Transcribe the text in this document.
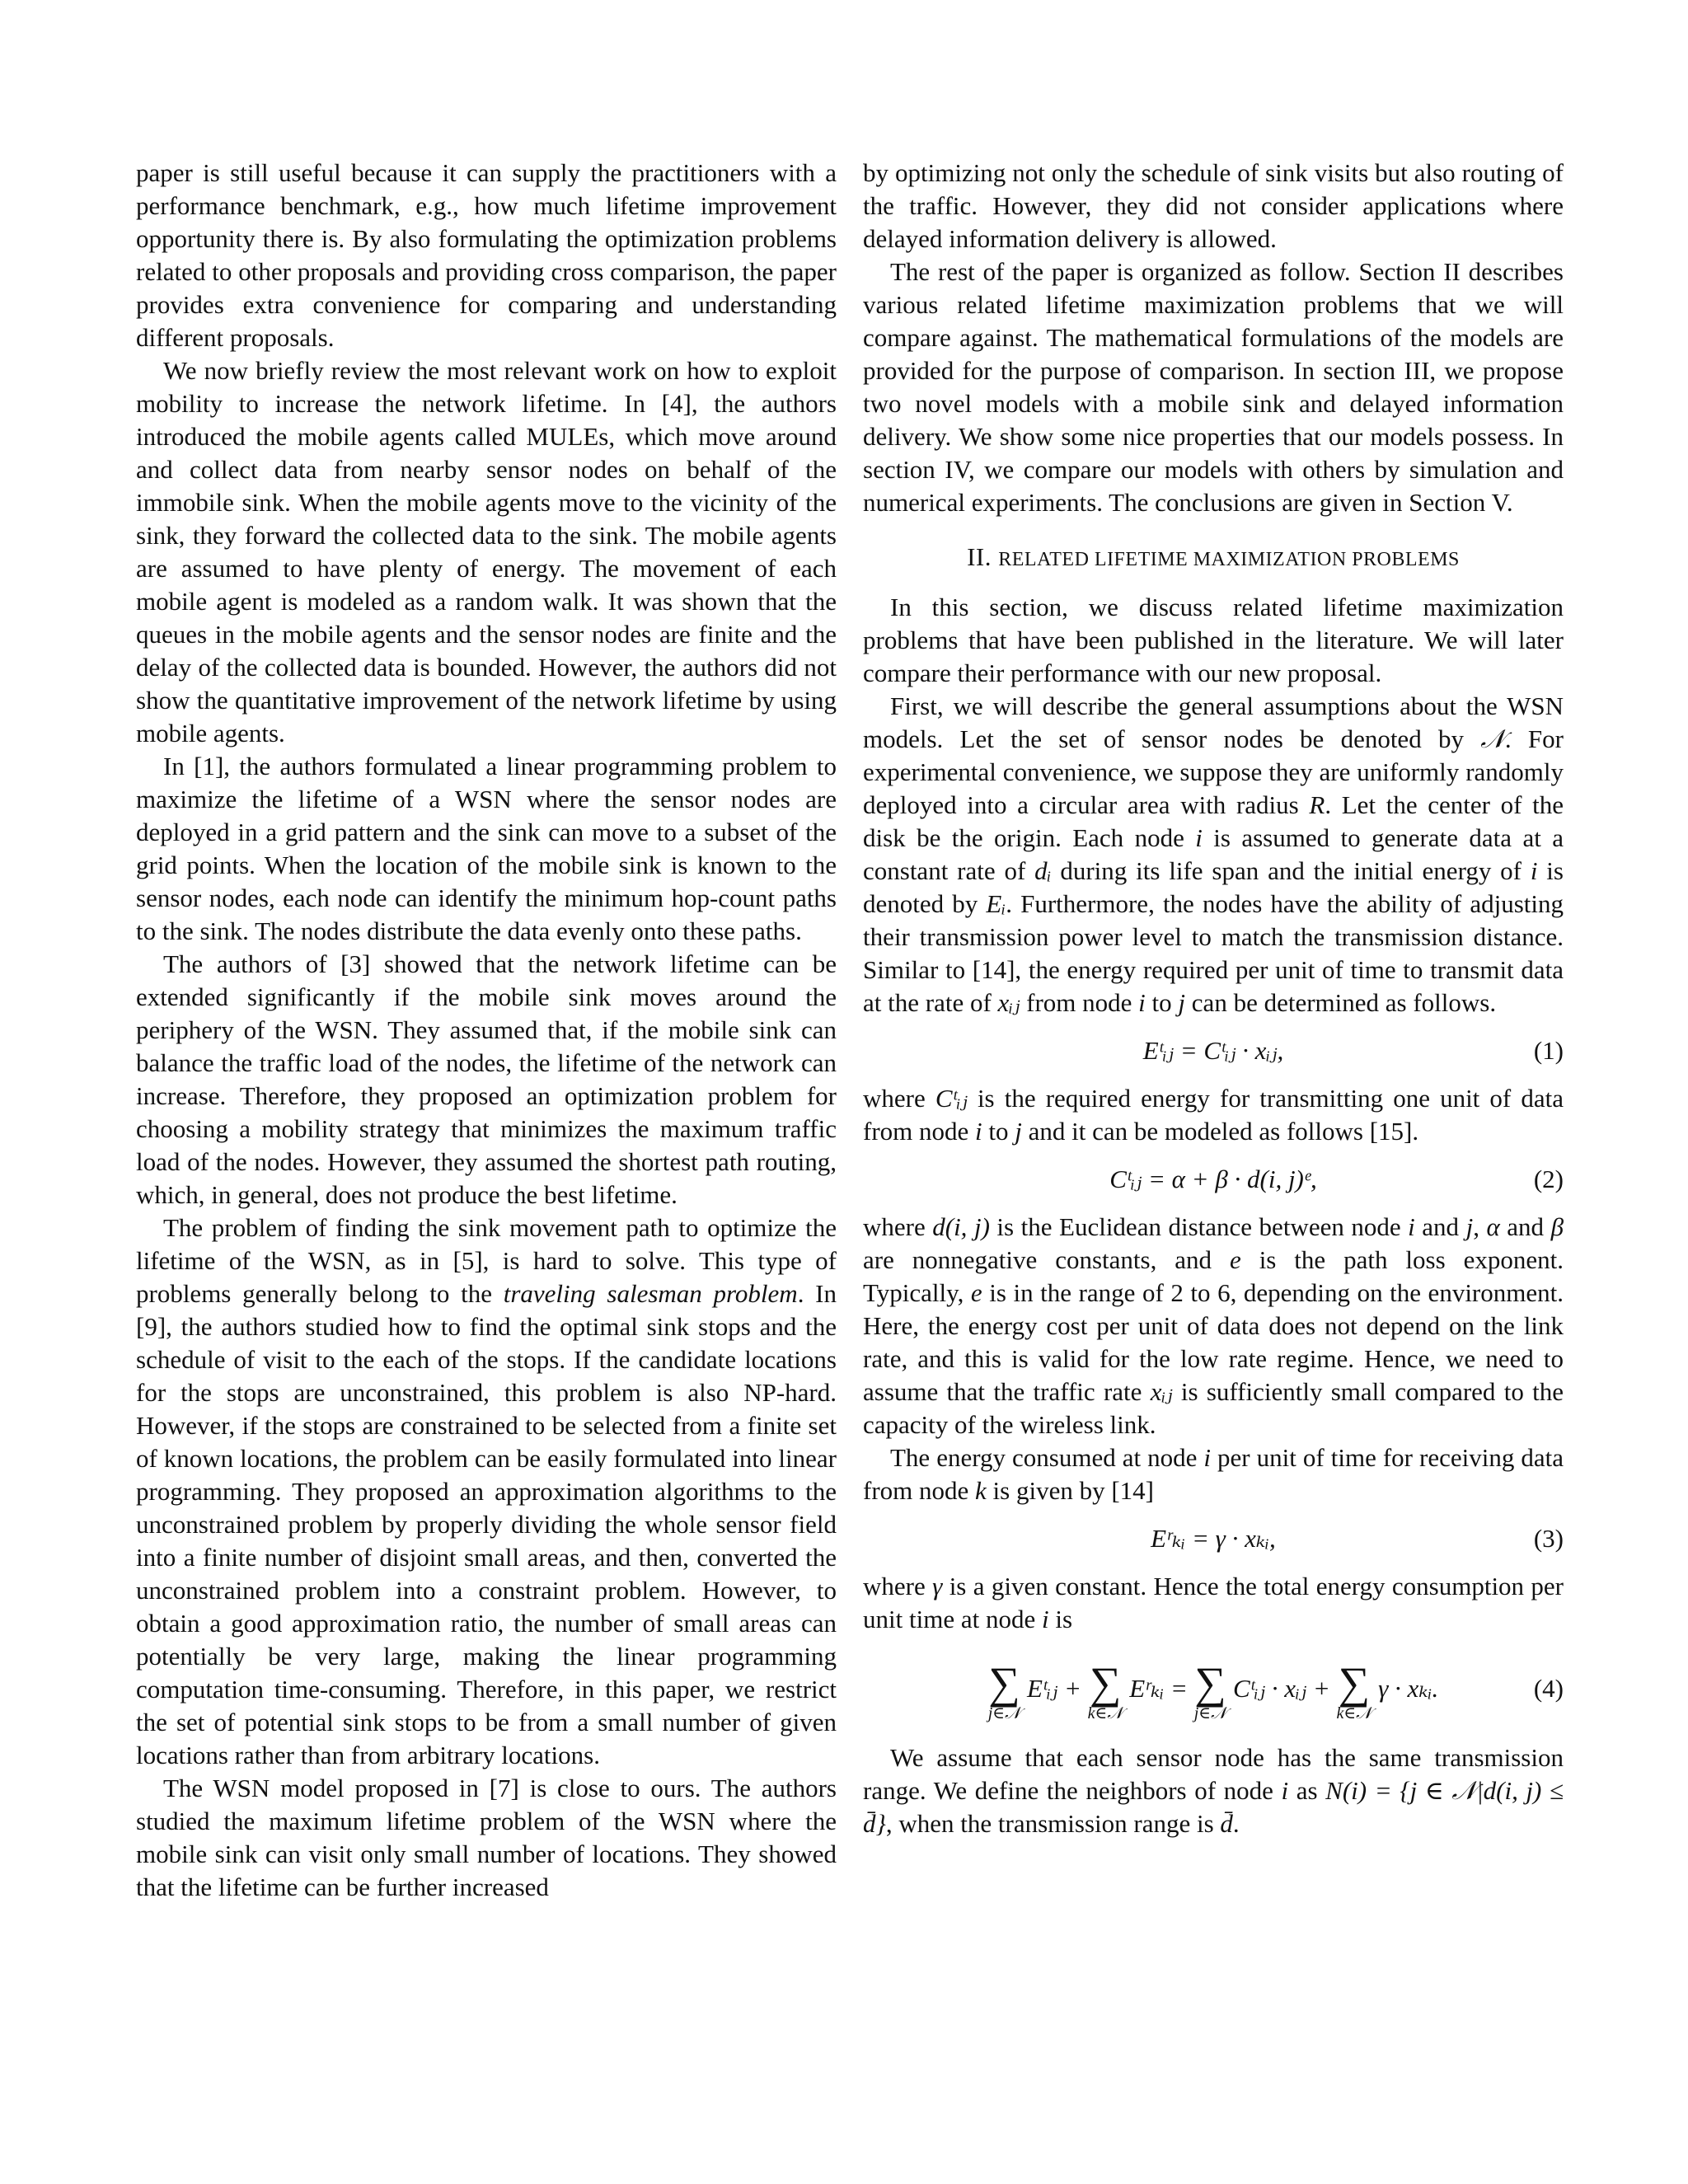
paper is still useful because it can supply the practitioners with a performance benchmark, e.g., how much lifetime improvement opportunity there is. By also formulating the optimization problems related to other proposals and providing cross comparison, the paper provides extra convenience for comparing and understanding different proposals.

We now briefly review the most relevant work on how to exploit mobility to increase the network lifetime. In [4], the authors introduced the mobile agents called MULEs, which move around and collect data from nearby sensor nodes on behalf of the immobile sink. When the mobile agents move to the vicinity of the sink, they forward the collected data to the sink. The mobile agents are assumed to have plenty of energy. The movement of each mobile agent is modeled as a random walk. It was shown that the queues in the mobile agents and the sensor nodes are finite and the delay of the collected data is bounded. However, the authors did not show the quantitative improvement of the network lifetime by using mobile agents.

In [1], the authors formulated a linear programming problem to maximize the lifetime of a WSN where the sensor nodes are deployed in a grid pattern and the sink can move to a subset of the grid points. When the location of the mobile sink is known to the sensor nodes, each node can identify the minimum hop-count paths to the sink. The nodes distribute the data evenly onto these paths.

The authors of [3] showed that the network lifetime can be extended significantly if the mobile sink moves around the periphery of the WSN. They assumed that, if the mobile sink can balance the traffic load of the nodes, the lifetime of the network can increase. Therefore, they proposed an optimization problem for choosing a mobility strategy that minimizes the maximum traffic load of the nodes. However, they assumed the shortest path routing, which, in general, does not produce the best lifetime.

The problem of finding the sink movement path to optimize the lifetime of the WSN, as in [5], is hard to solve. This type of problems generally belong to the traveling salesman problem. In [9], the authors studied how to find the optimal sink stops and the schedule of visit to the each of the stops. If the candidate locations for the stops are unconstrained, this problem is also NP-hard. However, if the stops are constrained to be selected from a finite set of known locations, the problem can be easily formulated into linear programming. They proposed an approximation algorithms to the unconstrained problem by properly dividing the whole sensor field into a finite number of disjoint small areas, and then, converted the unconstrained problem into a constraint problem. However, to obtain a good approximation ratio, the number of small areas can potentially be very large, making the linear programming computation time-consuming. Therefore, in this paper, we restrict the set of potential sink stops to be from a small number of given locations rather than from arbitrary locations.

The WSN model proposed in [7] is close to ours. The authors studied the maximum lifetime problem of the WSN where the mobile sink can visit only small number of locations. They showed that the lifetime can be further increased

by optimizing not only the schedule of sink visits but also routing of the traffic. However, they did not consider applications where delayed information delivery is allowed.

The rest of the paper is organized as follow. Section II describes various related lifetime maximization problems that we will compare against. The mathematical formulations of the models are provided for the purpose of comparison. In section III, we propose two novel models with a mobile sink and delayed information delivery. We show some nice properties that our models possess. In section IV, we compare our models with others by simulation and numerical experiments. The conclusions are given in Section V.

II. RELATED LIFETIME MAXIMIZATION PROBLEMS

In this section, we discuss related lifetime maximization problems that have been published in the literature. We will later compare their performance with our new proposal.

First, we will describe the general assumptions about the WSN models. Let the set of sensor nodes be denoted by 𝒩. For experimental convenience, we suppose they are uniformly randomly deployed into a circular area with radius R. Let the center of the disk be the origin. Each node i is assumed to generate data at a constant rate of dᵢ during its life span and the initial energy of i is denoted by Eᵢ. Furthermore, the nodes have the ability of adjusting their transmission power level to match the transmission distance. Similar to [14], the energy required per unit of time to transmit data at the rate of xᵢⱼ from node i to j can be determined as follows.

Eᵗᵢⱼ = Cᵗᵢⱼ · xᵢⱼ,	(1)

where Cᵗᵢⱼ is the required energy for transmitting one unit of data from node i to j and it can be modeled as follows [15].

Cᵗᵢⱼ = α + β · d(i, j)ᵉ,	(2)

where d(i, j) is the Euclidean distance between node i and j, α and β are nonnegative constants, and e is the path loss exponent. Typically, e is in the range of 2 to 6, depending on the environment. Here, the energy cost per unit of data does not depend on the link rate, and this is valid for the low rate regime. Hence, we need to assume that the traffic rate xᵢⱼ is sufficiently small compared to the capacity of the wireless link.

The energy consumed at node i per unit of time for receiving data from node k is given by [14]

Eʳₖᵢ = γ · xₖᵢ,	(3)

where γ is a given constant. Hence the total energy consumption per unit time at node i is

∑
j∈𝒩
Eᵗᵢⱼ + ∑
k∈𝒩
Eʳₖᵢ = ∑
j∈𝒩
Cᵗᵢⱼ · xᵢⱼ + ∑
k∈𝒩
γ · xₖᵢ.	(4)

We assume that each sensor node has the same transmission range. We define the neighbors of node i as N(i) = {j ∈ 𝒩|d(i, j) ≤ d̄}, when the transmission range is d̄.
